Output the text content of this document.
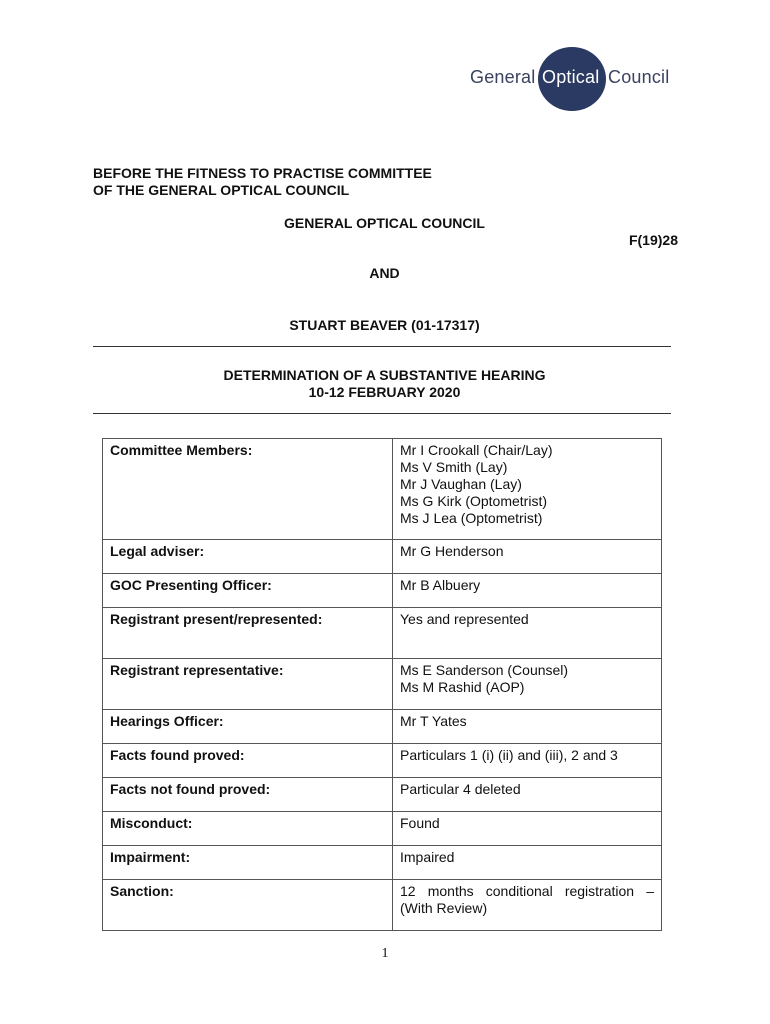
General Optical Council
BEFORE THE FITNESS TO PRACTISE COMMITTEE
OF THE GENERAL OPTICAL COUNCIL
GENERAL OPTICAL COUNCIL
F(19)28
AND
STUART BEAVER (01-17317)
DETERMINATION OF A SUBSTANTIVE HEARING
10-12 FEBRUARY 2020
Committee Members:	Mr I Crookall (Chair/Lay)
Ms V Smith (Lay)
Mr J Vaughan (Lay)
Ms G Kirk (Optometrist)
Ms J Lea (Optometrist)
Legal adviser:	Mr G Henderson
GOC Presenting Officer:	Mr B Albuery
Registrant present/represented:	Yes and represented
Registrant representative:	Ms E Sanderson (Counsel)
Ms M Rashid (AOP)
Hearings Officer:	Mr T Yates
Facts found proved:	Particulars 1 (i) (ii) and (iii), 2 and 3
Facts not found proved:	Particular 4 deleted
Misconduct:	Found
Impairment:	Impaired
Sanction:	12 months conditional registration – (With Review)
1
